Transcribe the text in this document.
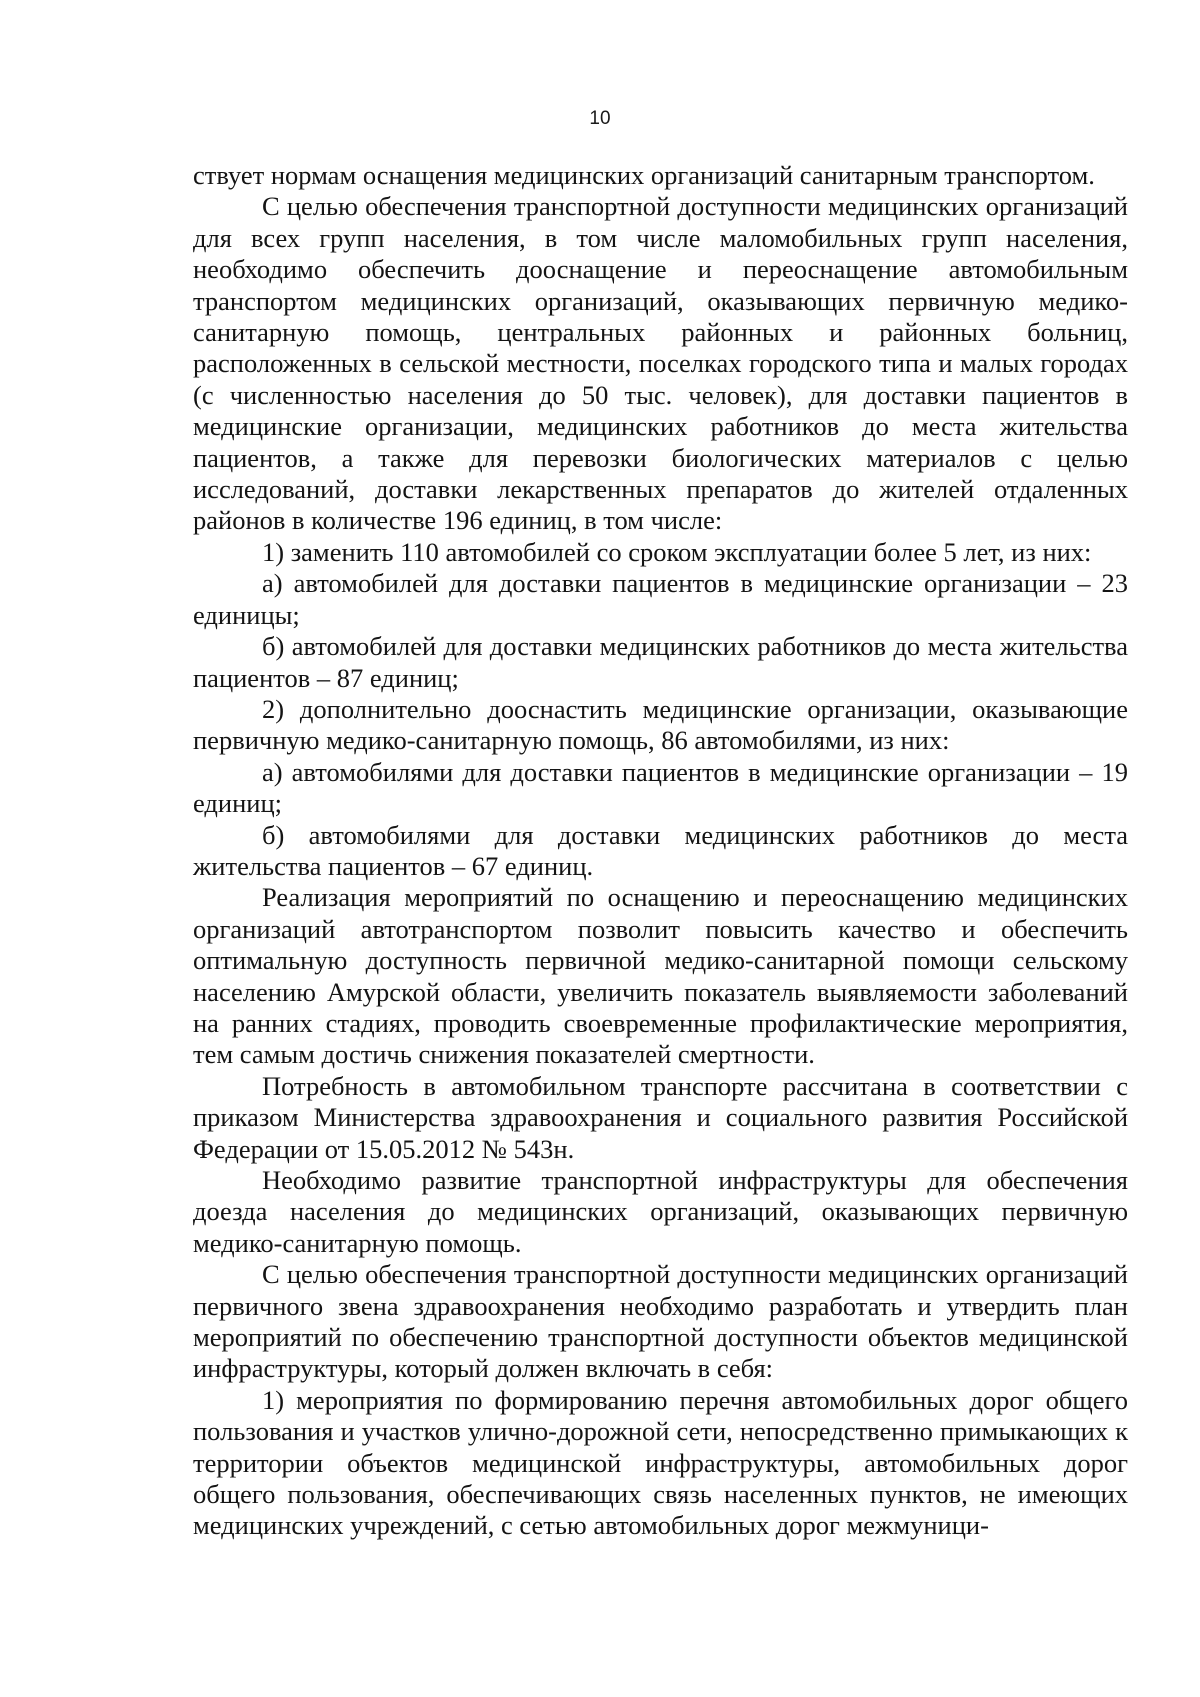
10

ствует нормам оснащения медицинских организаций санитарным транспортом.

С целью обеспечения транспортной доступности медицинских организаций для всех групп населения, в том числе маломобильных групп населения, необходимо обеспечить дооснащение и переоснащение автомобильным транспортом медицинских организаций, оказывающих первичную медико-санитарную помощь, центральных районных и районных больниц, расположенных в сельской местности, поселках городского типа и малых городах (с численностью населения до 50 тыс. человек), для доставки пациентов в медицинские организации, медицинских работников до места жительства пациентов, а также для перевозки биологических материалов с целью исследований, доставки лекарственных препаратов до жителей отдаленных районов в количестве 196 единиц, в том числе:

1) заменить 110 автомобилей со сроком эксплуатации более 5 лет, из них:

а) автомобилей для доставки пациентов в медицинские организации – 23 единицы;

б) автомобилей для доставки медицинских работников до места жительства пациентов – 87 единиц;

2) дополнительно дооснастить медицинские организации, оказывающие первичную медико-санитарную помощь, 86 автомобилями, из них:

а) автомобилями для доставки пациентов в медицинские организации – 19 единиц;

б) автомобилями для доставки медицинских работников до места жительства пациентов – 67 единиц.

Реализация мероприятий по оснащению и переоснащению медицинских организаций автотранспортом позволит повысить качество и обеспечить оптимальную доступность первичной медико-санитарной помощи сельскому населению Амурской области, увеличить показатель выявляемости заболеваний на ранних стадиях, проводить своевременные профилактические мероприятия, тем самым достичь снижения показателей смертности.

Потребность в автомобильном транспорте рассчитана в соответствии с приказом Министерства здравоохранения и социального развития Российской Федерации от 15.05.2012 № 543н.

Необходимо развитие транспортной инфраструктуры для обеспечения доезда населения до медицинских организаций, оказывающих первичную медико-санитарную помощь.

С целью обеспечения транспортной доступности медицинских организаций первичного звена здравоохранения необходимо разработать и утвердить план мероприятий по обеспечению транспортной доступности объектов медицинской инфраструктуры, который должен включать в себя:

1) мероприятия по формированию перечня автомобильных дорог общего пользования и участков улично-дорожной сети, непосредственно примыкающих к территории объектов медицинской инфраструктуры, автомобильных дорог общего пользования, обеспечивающих связь населенных пунктов, не имеющих медицинских учреждений, с сетью автомобильных дорог межмуници-
